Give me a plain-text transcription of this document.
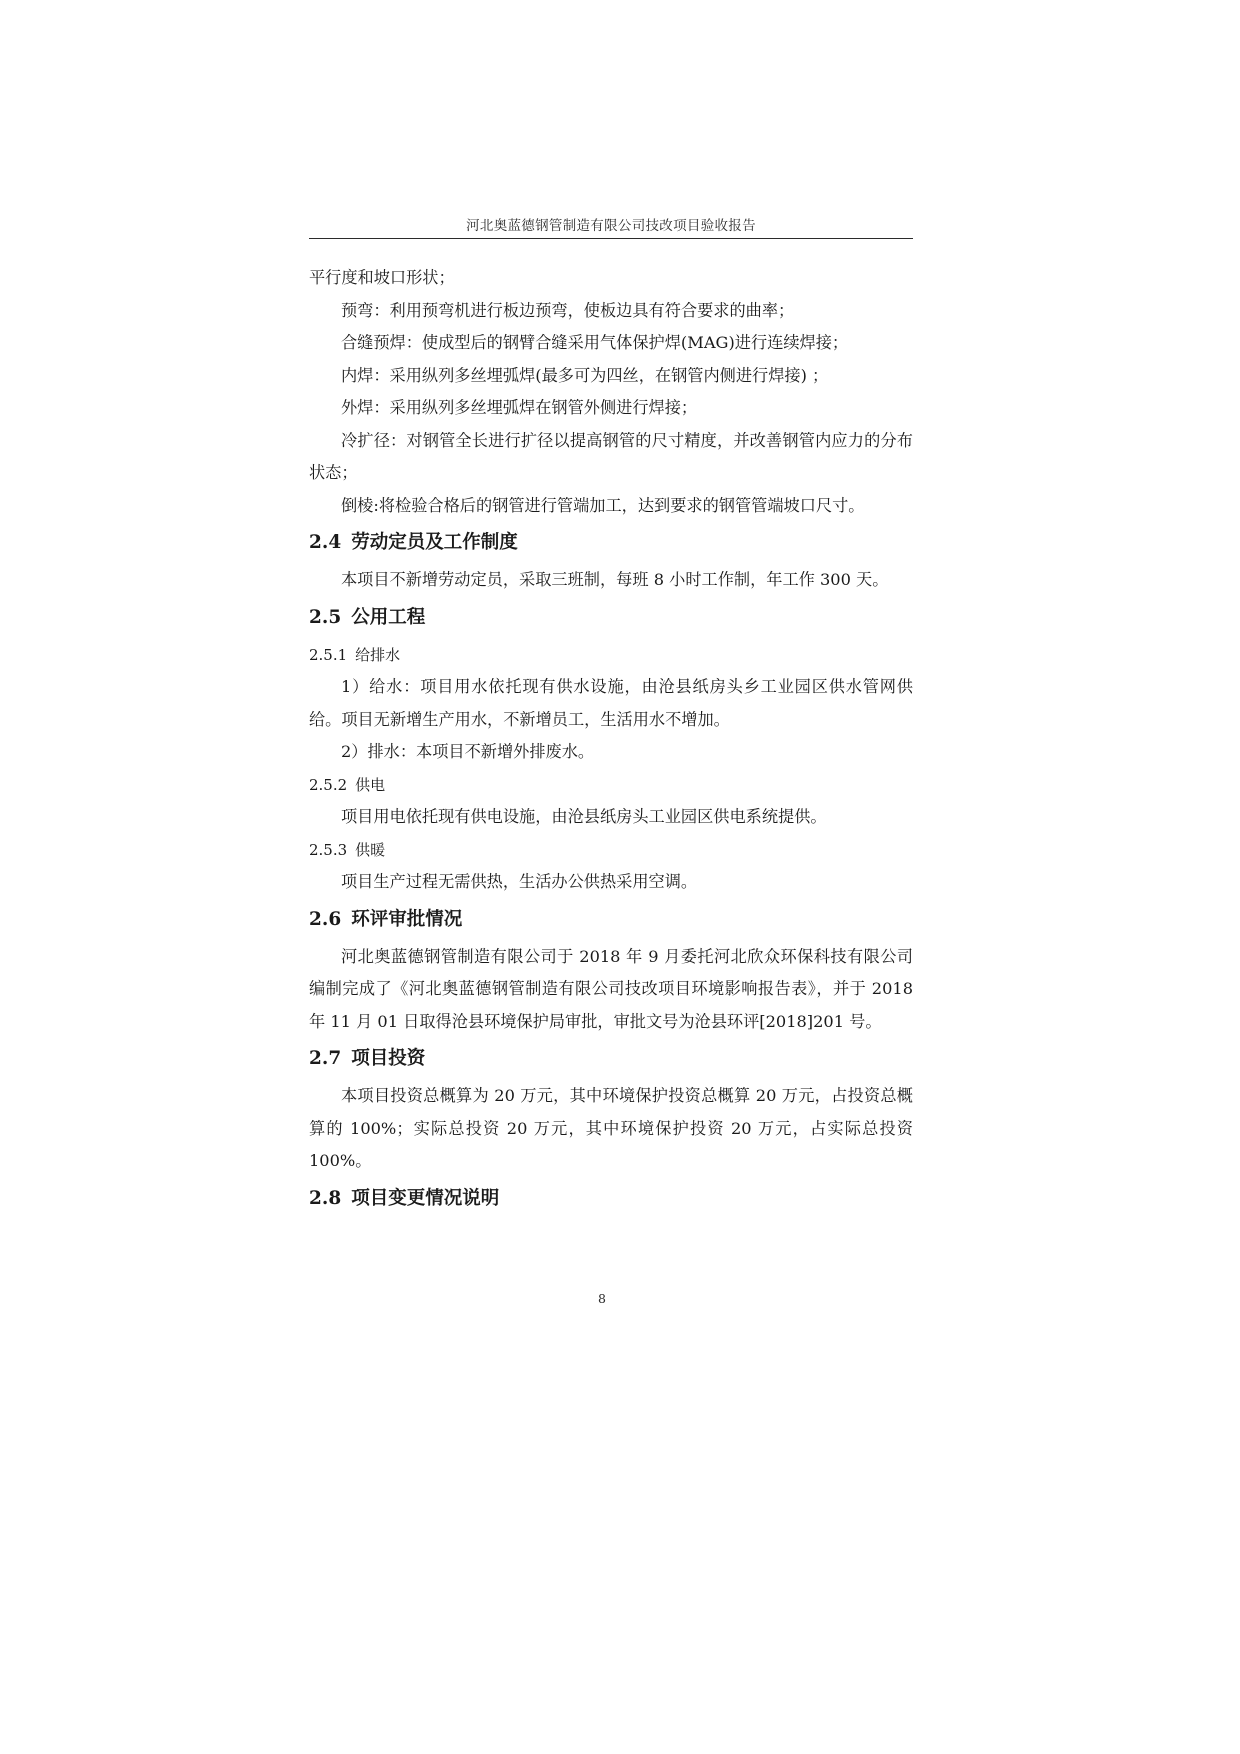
河北奥蓝德钢管制造有限公司技改项目验收报告

平行度和坡口形状；

预弯：利用预弯机进行板边预弯，使板边具有符合要求的曲率；

合缝预焊：使成型后的钢臂合缝采用气体保护焊(MAG)进行连续焊接；

内焊：采用纵列多丝埋弧焊(最多可为四丝，在钢管内侧进行焊接) ；

外焊：采用纵列多丝埋弧焊在钢管外侧进行焊接；

冷扩径：对钢管全长进行扩径以提高钢管的尺寸精度，并改善钢管内应力的分布状态；

倒棱:将检验合格后的钢管进行管端加工，达到要求的钢管管端坡口尺寸。

2.4 劳动定员及工作制度

本项目不新增劳动定员，采取三班制，每班 8 小时工作制，年工作 300 天。

2.5 公用工程
2.5.1 给排水

1）给水：项目用水依托现有供水设施，由沧县纸房头乡工业园区供水管网供给。项目无新增生产用水，不新增员工，生活用水不增加。

2）排水：本项目不新增外排废水。

2.5.2 供电

项目用电依托现有供电设施，由沧县纸房头工业园区供电系统提供。

2.5.3 供暖

项目生产过程无需供热，生活办公供热采用空调。

2.6 环评审批情况

河北奥蓝德钢管制造有限公司于 2018 年 9 月委托河北欣众环保科技有限公司编制完成了《河北奥蓝德钢管制造有限公司技改项目环境影响报告表》，并于 2018 年 11 月 01 日取得沧县环境保护局审批，审批文号为沧县环评[2018]201 号。

2.7 项目投资

本项目投资总概算为 20 万元，其中环境保护投资总概算 20 万元，占投资总概算的 100%；实际总投资 20 万元，其中环境保护投资 20 万元，占实际总投资 100%。

2.8 项目变更情况说明
8
